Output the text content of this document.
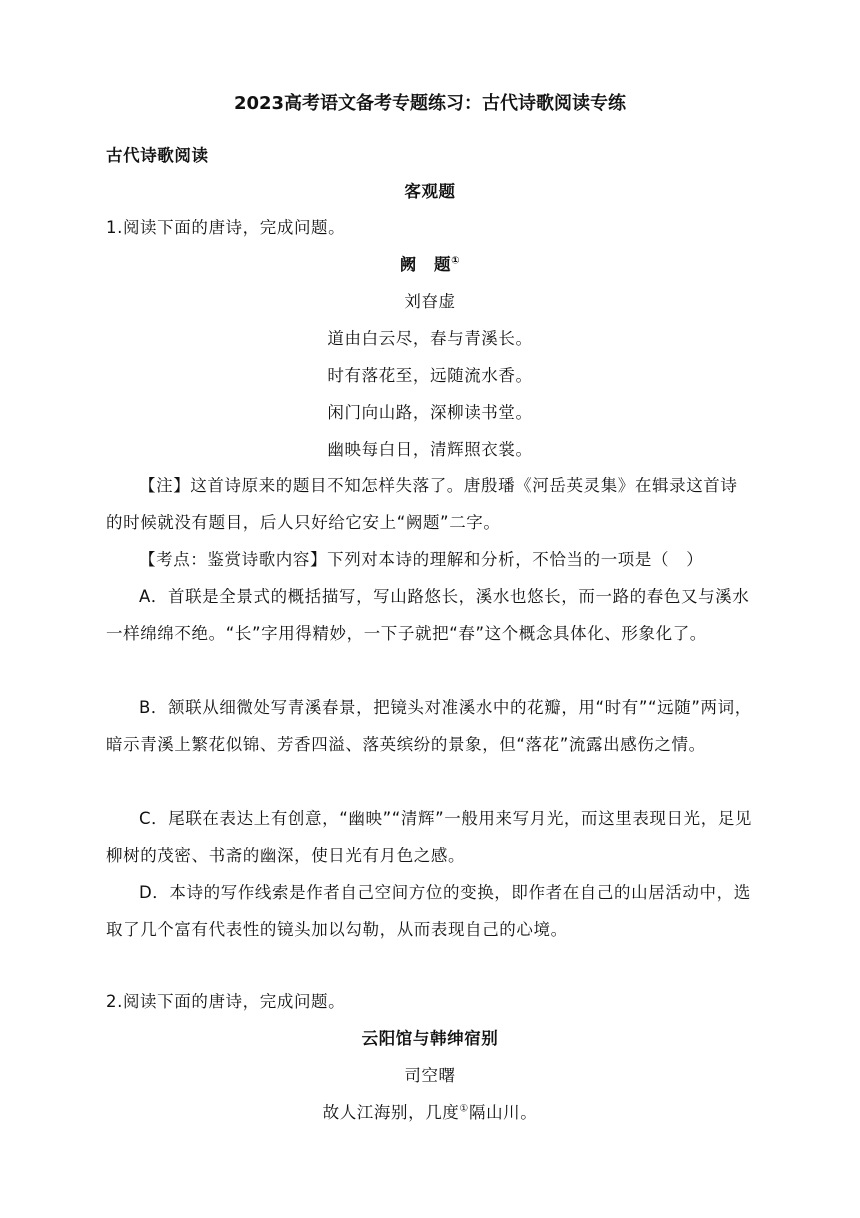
2023高考语文备考专题练习：古代诗歌阅读专练
古代诗歌阅读
客观题
1.阅读下面的唐诗，完成问题。
阙　题①
刘昚虚
道由白云尽，春与青溪长。
时有落花至，远随流水香。
闲门向山路，深柳读书堂。
幽映每白日，清辉照衣裳。

【注】这首诗原来的题目不知怎样失落了。唐殷璠《河岳英灵集》在辑录这首诗的时候就没有题目，后人只好给它安上“阙题”二字。

【考点：鉴赏诗歌内容】下列对本诗的理解和分析，不恰当的一项是（　）

A．首联是全景式的概括描写，写山路悠长，溪水也悠长，而一路的春色又与溪水一样绵绵不绝。“长”字用得精妙，一下子就把“春”这个概念具体化、形象化了。

B．颔联从细微处写青溪春景，把镜头对准溪水中的花瓣，用“时有”“远随”两词，暗示青溪上繁花似锦、芳香四溢、落英缤纷的景象，但“落花”流露出感伤之情。

C．尾联在表达上有创意，“幽映”“清辉”一般用来写月光，而这里表现日光，足见柳树的茂密、书斋的幽深，使日光有月色之感。

D．本诗的写作线索是作者自己空间方位的变换，即作者在自己的山居活动中，选取了几个富有代表性的镜头加以勾勒，从而表现自己的心境。

2.阅读下面的唐诗，完成问题。
云阳馆与韩绅宿别
司空曙
故人江海别，几度①隔山川。
